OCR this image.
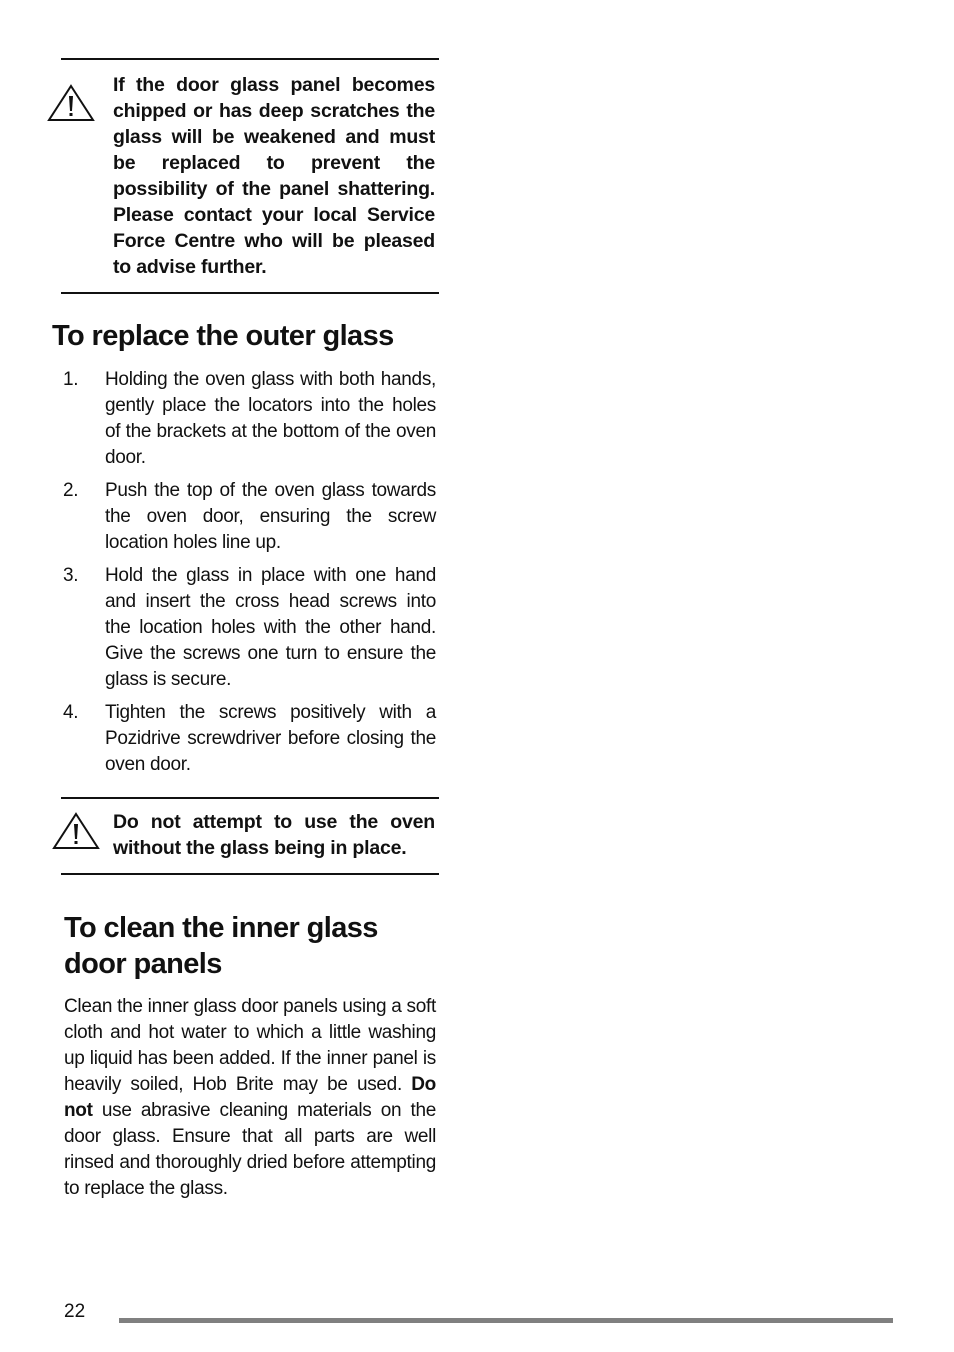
If the door glass panel becomes chipped or has deep scratches the glass will be weakened and must be replaced to prevent the possibility of the panel shattering. Please contact your local Service Force Centre who will be pleased to advise further.
To replace the outer glass
1. Holding the oven glass with both hands, gently place the locators into the holes of the brackets at the bottom of the oven door.
2. Push the top of the oven glass towards the oven door, ensuring the screw location holes line up.
3. Hold the glass in place with one hand and insert the cross head screws into the location holes with the other hand. Give the screws one turn to ensure the glass is secure.
4. Tighten the screws positively with a Pozidrive screwdriver before closing the oven door.
Do not attempt to use the oven without the glass being in place.
To clean the inner glass door panels
Clean the inner glass door panels using a soft cloth and hot water to which a little washing up liquid has been added. If the inner panel is heavily soiled, Hob Brite may be used. Do not use abrasive cleaning materials on the door glass. Ensure that all parts are well rinsed and thoroughly dried before attempting to replace the glass.
22
